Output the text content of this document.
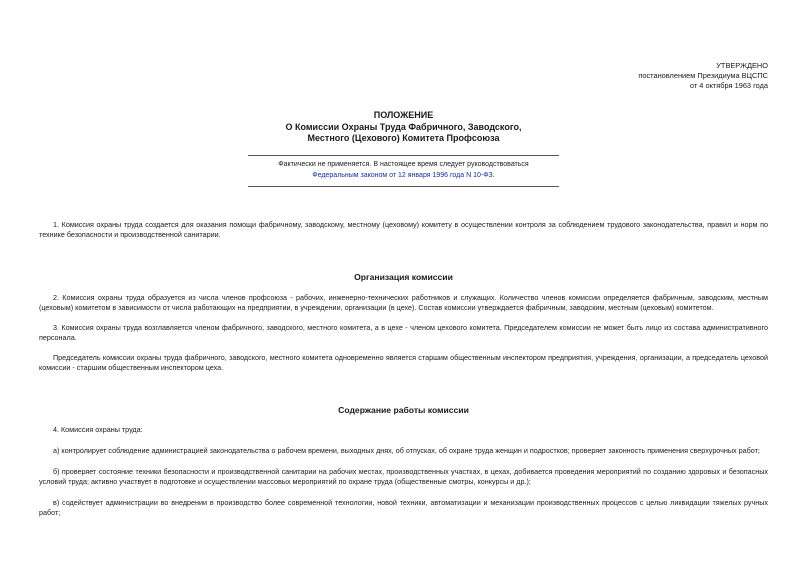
УТВЕРЖДЕНО
постановлением Президиума ВЦСПС
от 4 октября 1963 года
ПОЛОЖЕНИЕ
О Комиссии Охраны Труда Фабричного, Заводского,
Местного (Цехового) Комитета Профсоюза
Фактически не применяется. В настоящее время следует руководствоваться
Федеральным законом от 12 января 1996 года N 10-ФЗ.
1. Комиссия охраны труда создается для оказания помощи фабричному, заводскому, местному (цеховому) комитету в осуществлении контроля за соблюдением трудового законодательства, правил и норм по технике безопасности и производственной санитарии.
Организация комиссии
2. Комиссия охраны труда образуется из числа членов профсоюза - рабочих, инженерно-технических работников и служащих. Количество членов комиссии определяется фабричным, заводским, местным (цеховым) комитетом в зависимости от числа работающих на предприятии, в учреждении, организации (в цехе). Состав комиссии утверждается фабричным, заводским, местным (цеховым) комитетом.
3. Комиссия охраны труда возглавляется членом фабричного, заводского, местного комитета, а в цехе - членом цехового комитета. Председателем комиссии не может быть лицо из состава административного персонала.
Председатель комиссии охраны труда фабричного, заводского, местного комитета одновременно является старшим общественным инспектором предприятия, учреждения, организации, а председатель цеховой комиссии - старшим общественным инспектором цеха.
Содержание работы комиссии
4. Комиссия охраны труда:
а) контролирует соблюдение администрацией законодательства о рабочем времени, выходных днях, об отпусках, об охране труда женщин и подростков; проверяет законность применения сверхурочных работ;
б) проверяет состояние техники безопасности и производственной санитарии на рабочих местах, производственных участках, в цехах, добивается проведения мероприятий по созданию здоровых и безопасных условий труда; активно участвует в подготовке и осуществлении массовых мероприятий по охране труда (общественные смотры, конкурсы и др.);
в) содействует администрации во внедрении в производство более современной технологии, новой техники, автоматизации и механизации производственных процессов с целью ликвидации тяжелых ручных работ;
